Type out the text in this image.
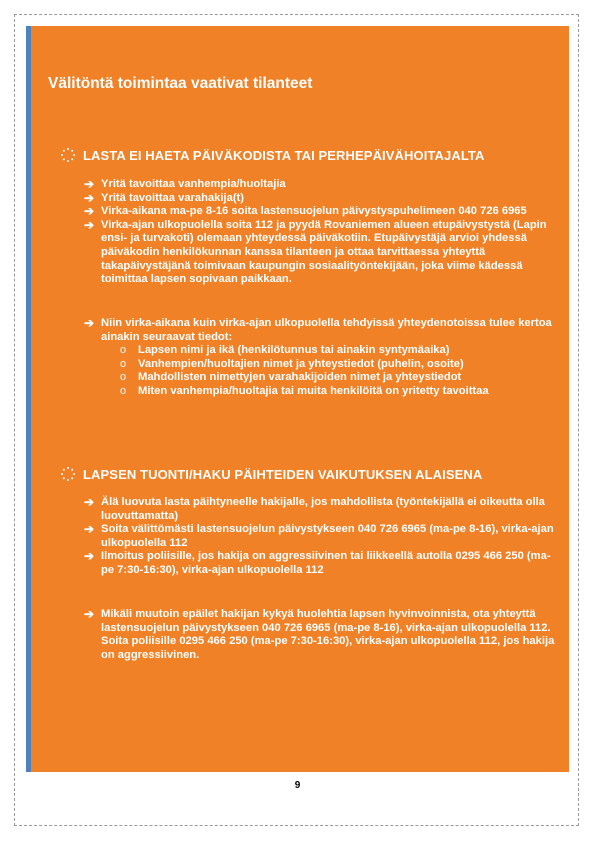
Välitöntä toimintaa vaativat tilanteet
LASTA EI HAETA PÄIVÄKODISTA TAI PERHEPÄIVÄHOITAJALTA
➔ Yritä tavoittaa vanhempia/huoltajia
➔ Yritä tavoittaa varahakija(t)
➔ Virka-aikana ma-pe 8-16 soita lastensuojelun päivystyspuhelimeen 040 726 6965
➔ Virka-ajan ulkopuolella soita 112 ja pyydä Rovaniemen alueen etupäivystystä (Lapin ensi- ja turvakoti) olemaan yhteydessä päiväkotiin. Etupäivystäjä arvioi yhdessä päiväkodin henkilökunnan kanssa tilanteen ja ottaa tarvittaessa yhteyttä takapäivystäjänä toimivaan kaupungin sosiaalityöntekijään, joka viime kädessä toimittaa lapsen sopivaan paikkaan.
➔ Niin virka-aikana kuin virka-ajan ulkopuolella tehdyissä yhteydenotoissa tulee kertoa ainakin seuraavat tiedot:
o Lapsen nimi ja ikä (henkilötunnus tai ainakin syntymäaika)
o Vanhempien/huoltajien nimet ja yhteystiedot (puhelin, osoite)
o Mahdollisten nimettyjen varahakijoiden nimet ja yhteystiedot
o Miten vanhempia/huoltajia tai muita henkilöitä on yritetty tavoittaa
LAPSEN TUONTI/HAKU PÄIHTEIDEN VAIKUTUKSEN ALAISENA
➔ Älä luovuta lasta päihtyneelle hakijalle, jos mahdollista (työntekijällä ei oikeutta olla luovuttamatta)
➔ Soita välittömästi lastensuojelun päivystykseen 040 726 6965 (ma-pe 8-16), virka-ajan ulkopuolella 112
➔ Ilmoitus poliisille, jos hakija on aggressiivinen tai liikkeellä autolla 0295 466 250 (ma-pe 7:30-16:30), virka-ajan ulkopuolella 112
➔ Mikäli muutoin epäilet hakijan kykyä huolehtia lapsen hyvinvoinnista, ota yhteyttä lastensuojelun päivystykseen 040 726 6965 (ma-pe 8-16), virka-ajan ulkopuolella 112. Soita poliisille 0295 466 250 (ma-pe 7:30-16:30), virka-ajan ulkopuolella 112, jos hakija on aggressiivinen.
9
